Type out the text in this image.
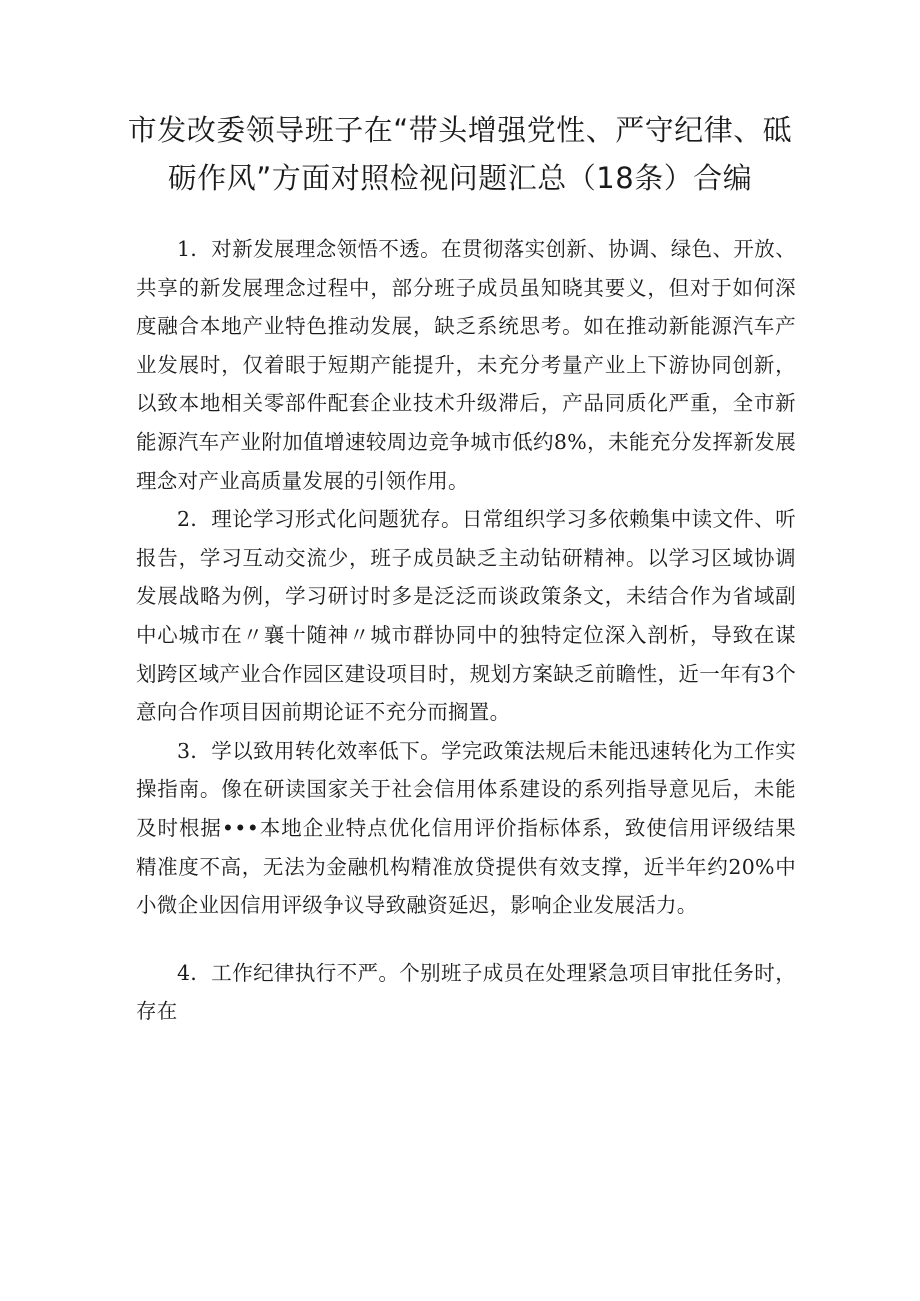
市发改委领导班子在“带头增强党性、严守纪律、砥
砺作风”方面对照检视问题汇总（18条）合编

1．对新发展理念领悟不透。在贯彻落实创新、协调、绿色、开放、共享的新发展理念过程中，部分班子成员虽知晓其要义，但对于如何深度融合本地产业特色推动发展，缺乏系统思考。如在推动新能源汽车产业发展时，仅着眼于短期产能提升，未充分考量产业上下游协同创新，以致本地相关零部件配套企业技术升级滞后，产品同质化严重，全市新能源汽车产业附加值增速较周边竞争城市低约8%，未能充分发挥新发展理念对产业高质量发展的引领作用。

2．理论学习形式化问题犹存。日常组织学习多依赖集中读文件、听报告，学习互动交流少，班子成员缺乏主动钻研精神。以学习区域协调发展战略为例，学习研讨时多是泛泛而谈政策条文，未结合作为省域副中心城市在〃襄十随神〃城市群协同中的独特定位深入剖析，导致在谋划跨区域产业合作园区建设项目时，规划方案缺乏前瞻性，近一年有3个意向合作项目因前期论证不充分而搁置。

3．学以致用转化效率低下。学完政策法规后未能迅速转化为工作实操指南。像在研读国家关于社会信用体系建设的系列指导意见后，未能及时根据•••本地企业特点优化信用评价指标体系，致使信用评级结果精准度不高，无法为金融机构精准放贷提供有效支撑，近半年约20%中小微企业因信用评级争议导致融资延迟，影响企业发展活力。

4．工作纪律执行不严。个别班子成员在处理紧急项目审批任务时，存在
